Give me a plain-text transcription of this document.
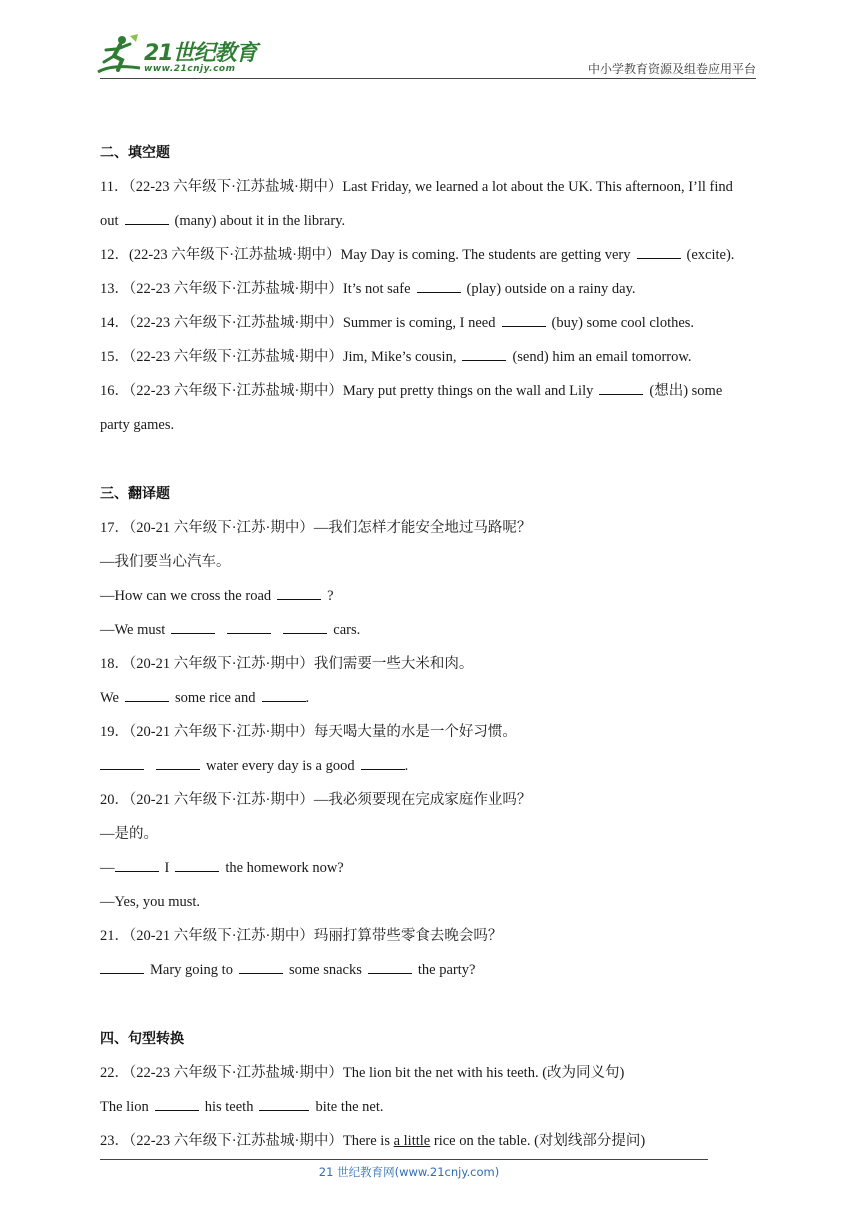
21世纪教育
www.21cnjy.com	中小学教育资源及组卷应用平台
二、填空题
11．（22-23 六年级下·江苏盐城·期中）Last Friday, we learned a lot about the UK. This afternoon, I’ll find
out	(many) about it in the library.
12．(22-23 六年级下·江苏盐城·期中）May Day is coming. The students are getting very	(excite).
13．（22-23 六年级下·江苏盐城·期中）It’s not safe	(play) outside on a rainy day.
14．（22-23 六年级下·江苏盐城·期中）Summer is coming, I need	(buy) some cool clothes.
15．（22-23 六年级下·江苏盐城·期中）Jim, Mike’s cousin,	(send) him an email tomorrow.
16．（22-23 六年级下·江苏盐城·期中）Mary put pretty things on the wall and Lily	(想出) some
party games.
三、翻译题
17．（20-21 六年级下·江苏·期中）—我们怎样才能安全地过马路呢？
—我们要当心汽车。
—How can we cross the road	?
—We must	cars.
18．（20-21 六年级下·江苏·期中）我们需要一些大米和肉。
We	some rice and	.
19．（20-21 六年级下·江苏·期中）每天喝大量的水是一个好习惯。
water every day is a good	.
20．（20-21 六年级下·江苏·期中）—我必须要现在完成家庭作业吗？
—是的。
—	I	the homework now?
—Yes, you must.
21．（20-21 六年级下·江苏·期中）玛丽打算带些零食去晚会吗？
Mary going to	some snacks	the party?
四、句型转换
22．（22-23 六年级下·江苏盐城·期中）The lion bit the net with his teeth. (改为同义句)
The lion	his teeth	bite the net.
23．（22-23 六年级下·江苏盐城·期中）There is a little rice on the table. (对划线部分提问)
21 世纪教育网(www.21cnjy.com)
